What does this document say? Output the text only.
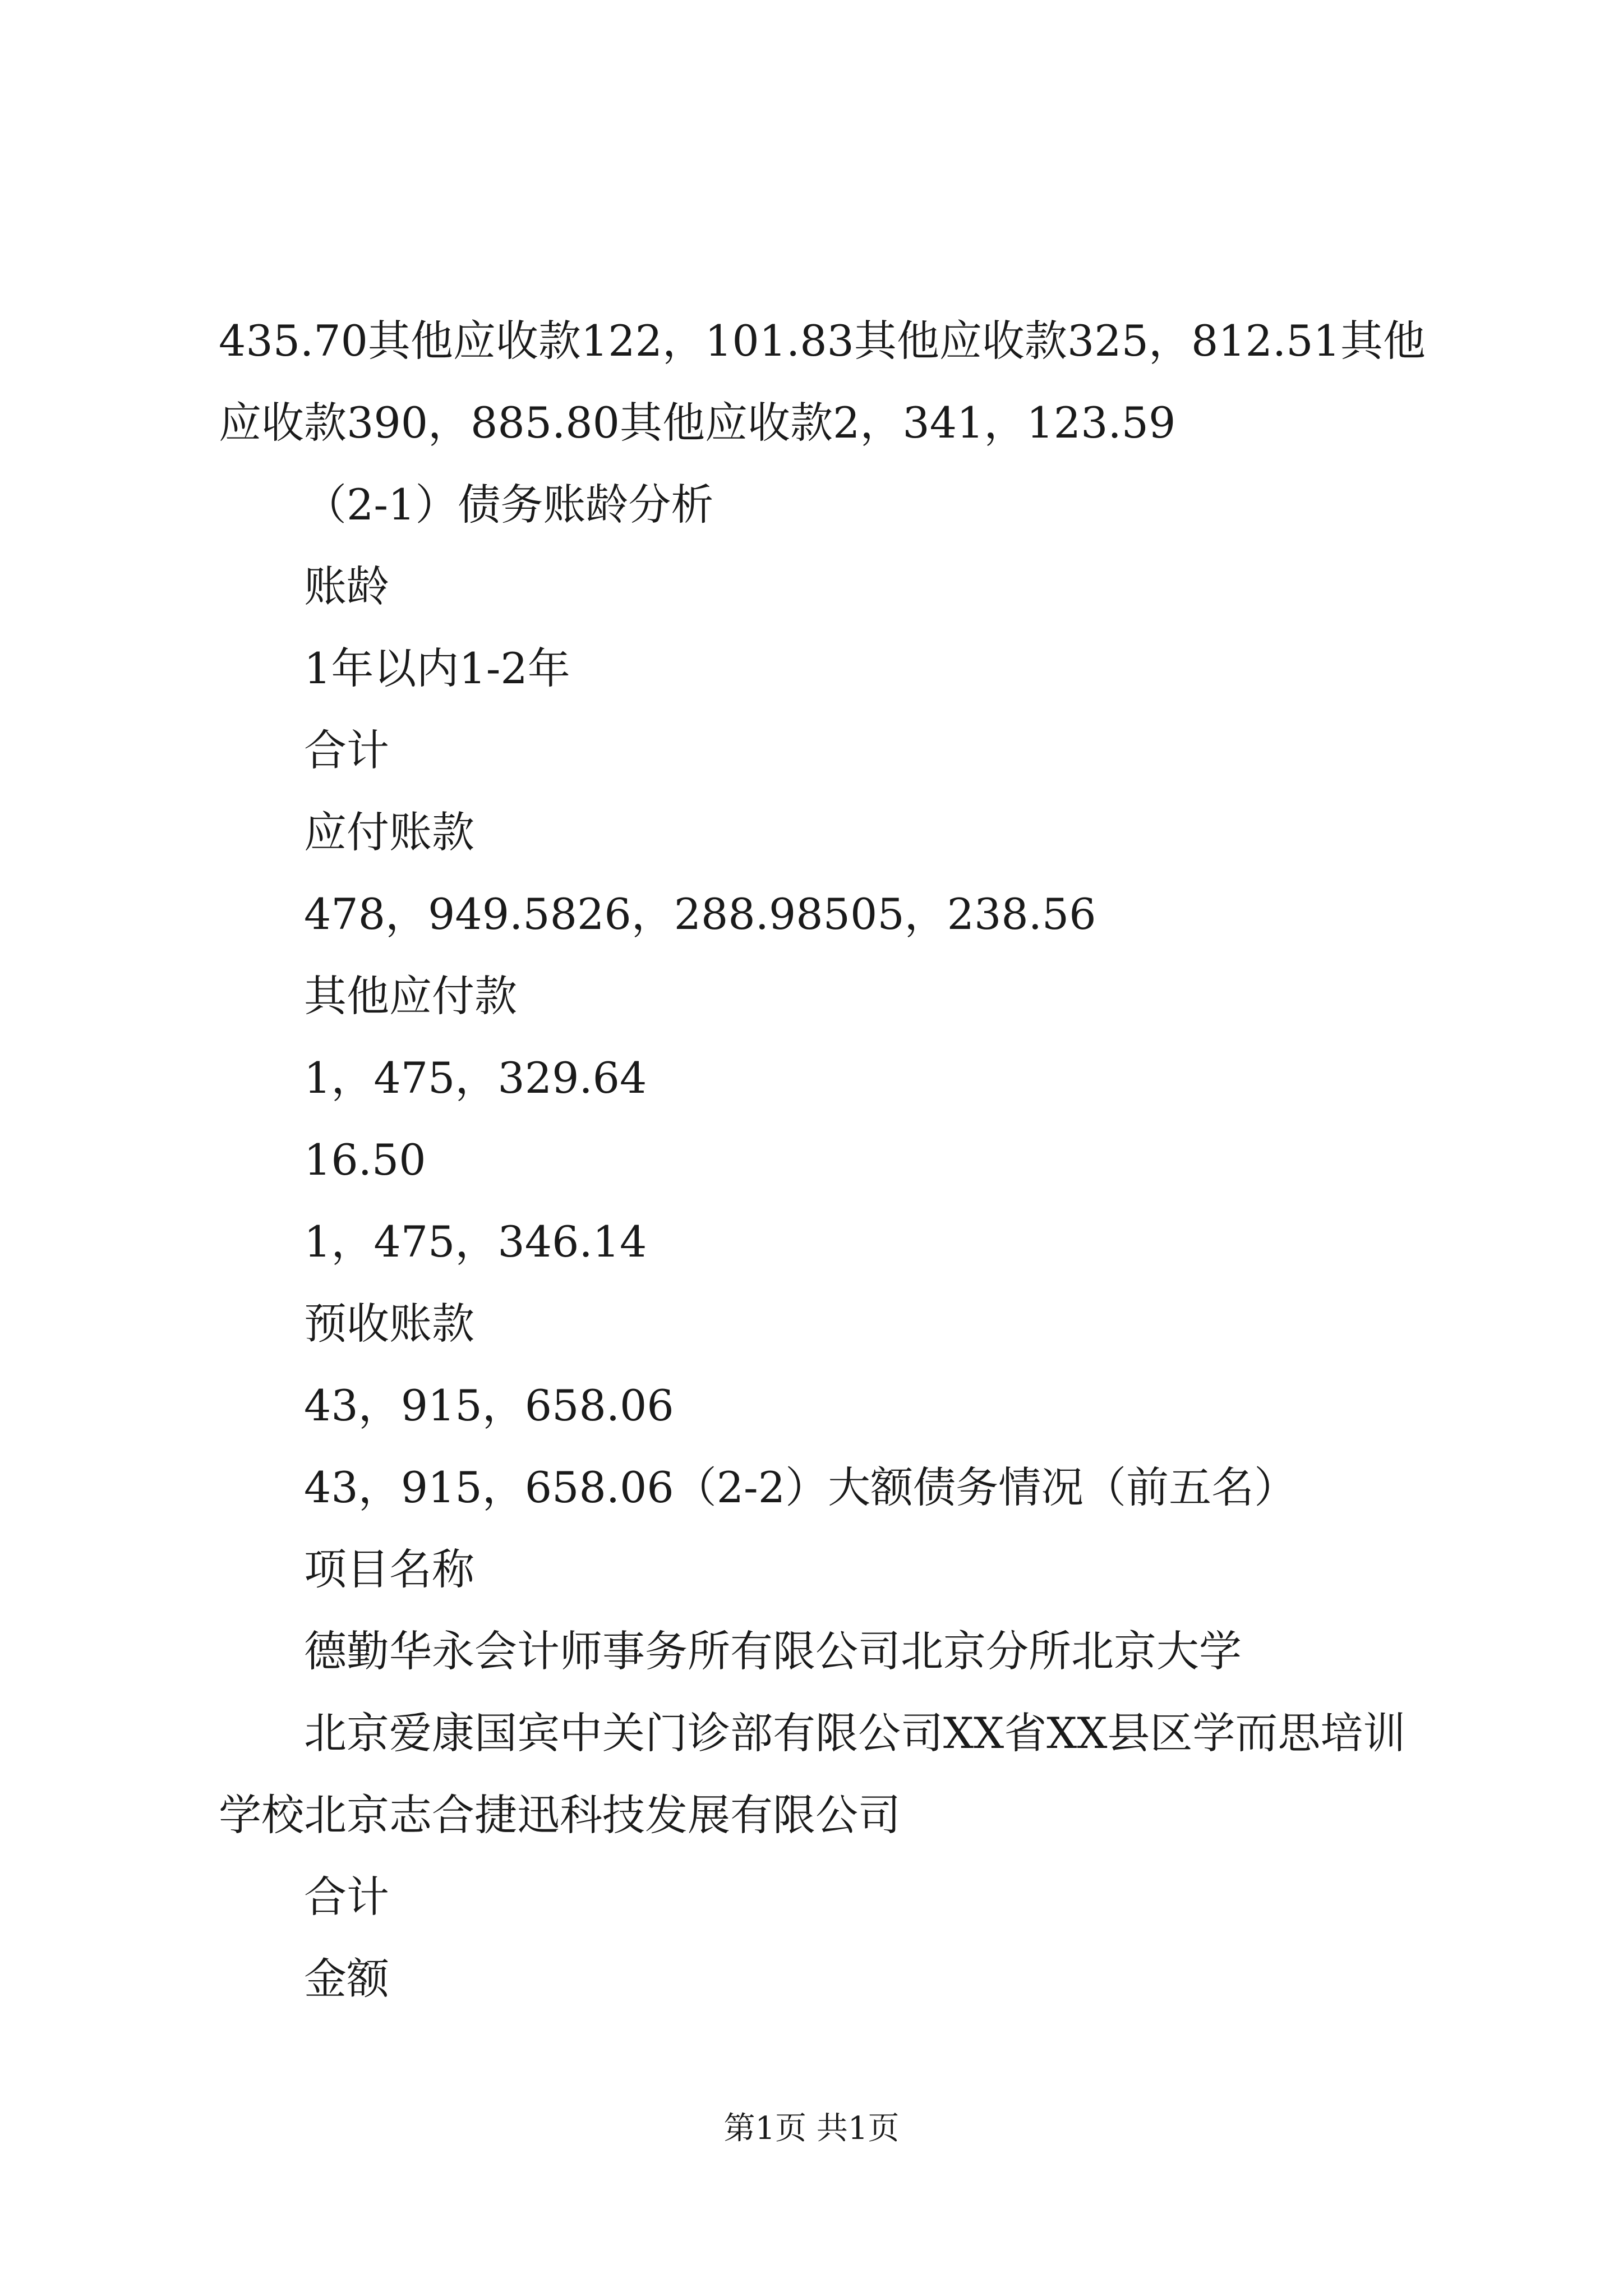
435.70其他应收款122，101.83其他应收款325，812.51其他应收款390，885.80其他应收款2，341，123.59

（2-1）债务账龄分析

账龄

1年以内1-2年

合计

应付账款

478，949.5826，288.98505，238.56

其他应付款

1，475，329.64

16.50

1，475，346.14

预收账款

43，915，658.06

43，915，658.06（2-2）大额债务情况（前五名）

项目名称

德勤华永会计师事务所有限公司北京分所北京大学

北京爱康国宾中关门诊部有限公司XX省XX县区学而思培训学校北京志合捷迅科技发展有限公司

合计

金额

第1页 共1页
